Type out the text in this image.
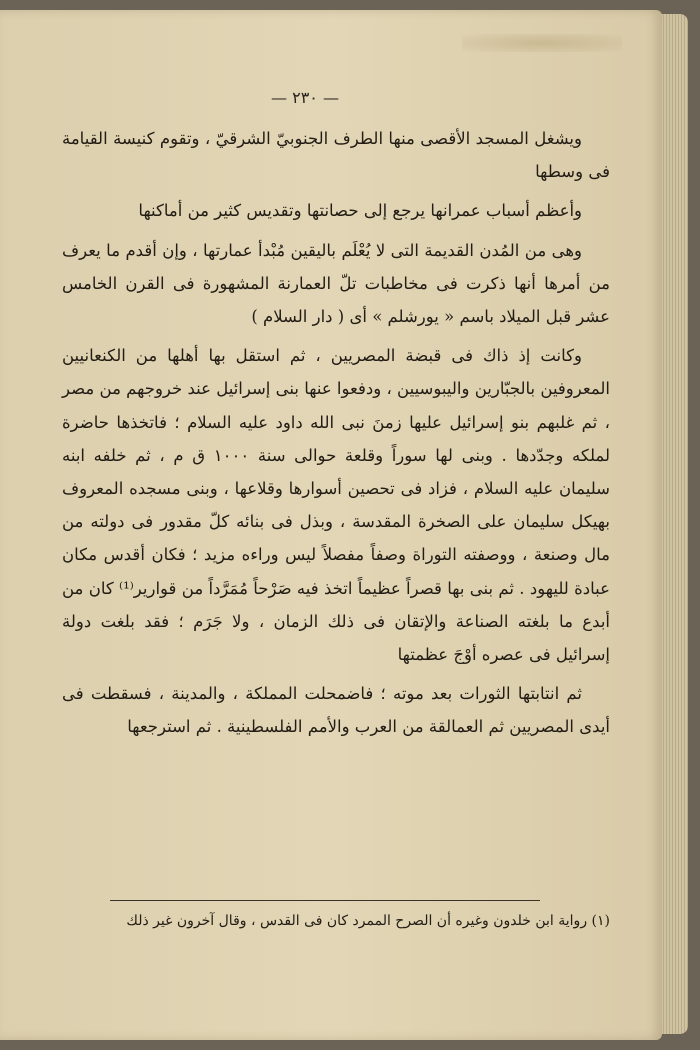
— ٢٣٠ —

ويشغل المسجد الأقصى منها الطرف الجنوبيّ الشرقيّ ، وتقوم كنيسة القيامة فى وسطها

وأعظم أسباب عمرانها يرجع إلى حصانتها وتقديس كثير من أماكنها

وهى من المُدن القديمة التى لا يُعْلَم باليقين مُبْدأ عمارتها ، وإن أقدم ما يعرف من أمرها أنها ذكرت فى مخاطبات تلّ العمارنة المشهورة فى القرن الخامس عشر قبل الميلاد باسم « يورشلم » أى ( دار السلام )

وكانت إذ ذاك فى قبضة المصريين ، ثم استقل بها أهلها من الكنعانيين المعروفين بالجبّارين واليبوسيين ، ودفعوا عنها بنى إسرائيل عند خروجهم من مصر ، ثم غلبهم بنو إسرائيل عليها زمنَ نبى الله داود عليه السلام ؛ فاتخذها حاضرة لملكه وجدّدها . وبنى لها سوراً وقلعة حوالى سنة ١٠٠٠ ق م ، ثم خلفه ابنه سليمان عليه السلام ، فزاد فى تحصين أسوارها وقلاعها ، وبنى مسجده المعروف بهيكل سليمان على الصخرة المقدسة ، وبذل فى بنائه كلّ مقدور فى دولته من مال وصنعة ، ووصفته التوراة وصفاً مفصلاً ليس وراءه مزيد ؛ فكان أقدس مكان عبادة لليهود . ثم بنى بها قصراً عظيماً اتخذ فيه صَرْحاً مُمَرَّداً من قوارير⁽¹⁾ كان من أبدع ما بلغته الصناعة والإتقان فى ذلك الزمان ، ولا جَرَم ؛ فقد بلغت دولة إسرائيل فى عصره أوْجَ عظمتها

ثم انتابتها الثورات بعد موته ؛ فاضمحلت المملكة ، والمدينة ، فسقطت فى أيدى المصريين ثم العمالقة من العرب والأمم الفلسطينية . ثم استرجعها

(١) رواية ابن خلدون وغيره أن الصرح الممرد كان فى القدس ، وقال آخرون غير ذلك
